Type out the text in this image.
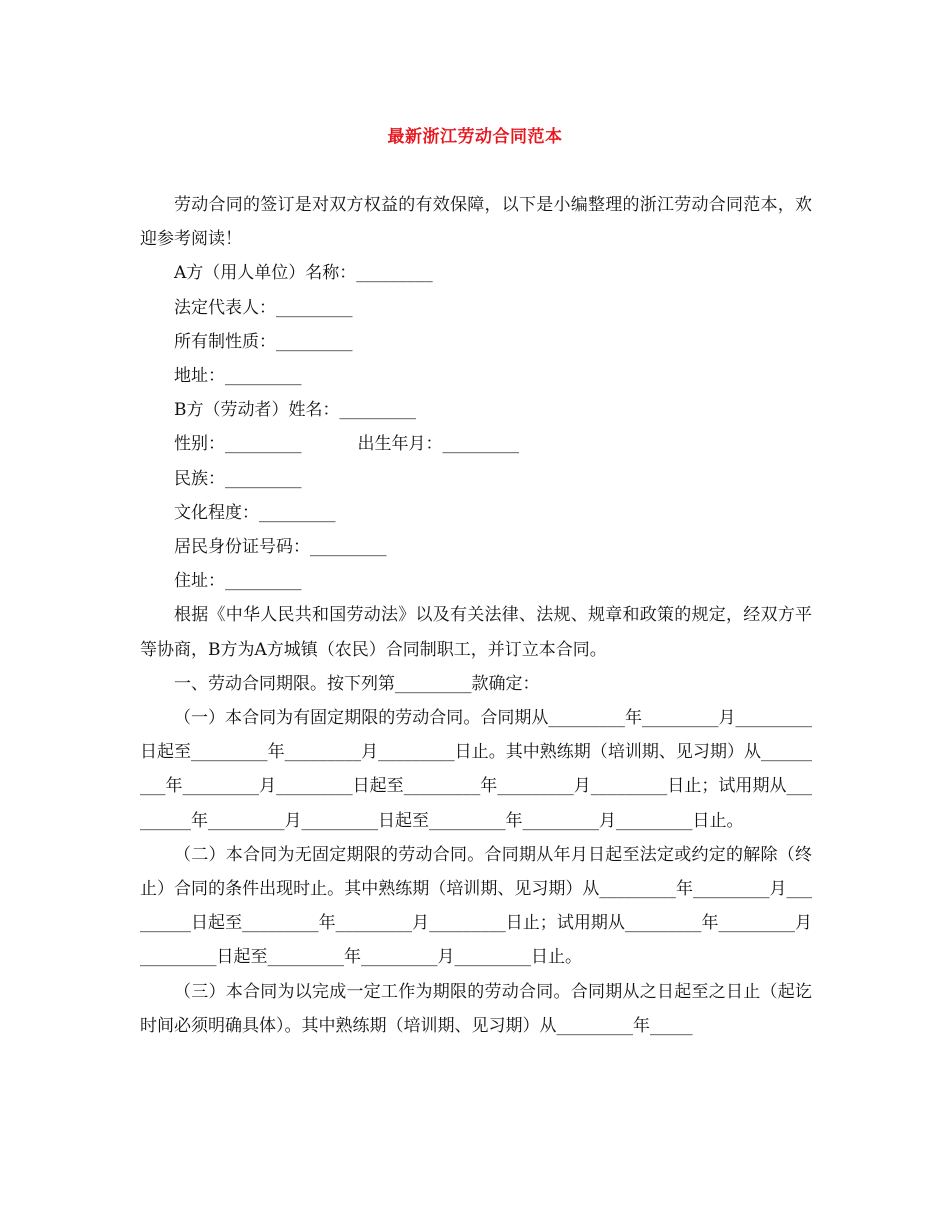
最新浙江劳动合同范本

劳动合同的签订是对双方权益的有效保障，以下是小编整理的浙江劳动合同范本，欢迎参考阅读！

A方（用人单位）名称：_________

法定代表人：_________

所有制性质：_________

地址：_________

B方（劳动者）姓名：_________

性别：_________	出生年月：_________

民族：_________

文化程度：_________

居民身份证号码：_________

住址：_________

根据《中华人民共和国劳动法》以及有关法律、法规、规章和政策的规定，经双方平等协商，B方为A方城镇（农民）合同制职工，并订立本合同。

一、劳动合同期限。按下列第_________款确定：

（一）本合同为有固定期限的劳动合同。合同期从_________年_________月_________日起至_________年_________月_________日止。其中熟练期（培训期、见习期）从_________年_________月_________日起至_________年_________月_________日止；试用期从_________年_________月_________日起至_________年_________月_________日止。

（二）本合同为无固定期限的劳动合同。合同期从年月日起至法定或约定的解除（终止）合同的条件出现时止。其中熟练期（培训期、见习期）从_________年_________月_________日起至_________年_________月_________日止；试用期从_________年_________月_________日起至_________年_________月_________日止。

（三）本合同为以完成一定工作为期限的劳动合同。合同期从之日起至之日止（起讫时间必须明确具体）。其中熟练期（培训期、见习期）从_________年_____
